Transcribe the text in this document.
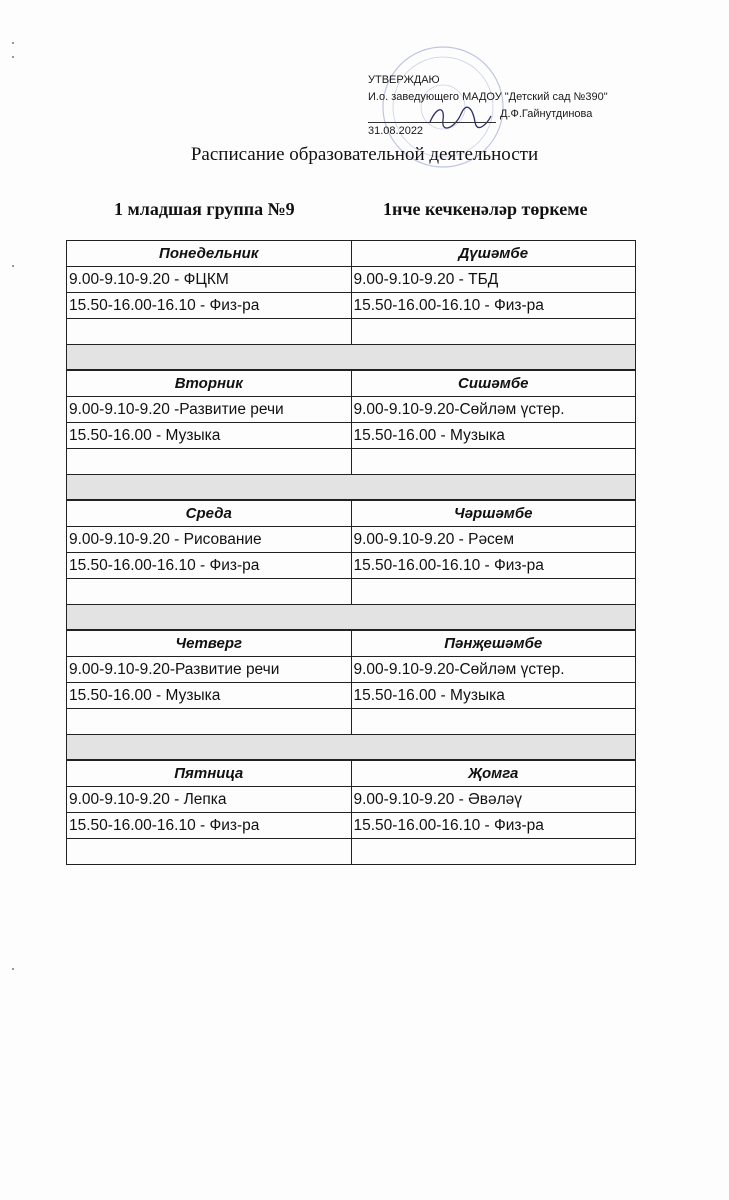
УТВЕРЖДАЮ
И.о. заведующего МАДОУ "Детский сад №390"
Д.Ф.Гайнутдинова
31.08.2022
Расписание образовательной деятельности
1 младшая группа №9	1нче кечкенәләр төркеме
Понедельник	Дүшәмбе
9.00-9.10-9.20 - ФЦКМ	9.00-9.10-9.20 - ТБД
15.50-16.00-16.10 - Физ-ра	15.50-16.00-16.10 - Физ-ра
Вторник	Сишәмбе
9.00-9.10-9.20 -Развитие речи	9.00-9.10-9.20-Сөйләм үстер.
15.50-16.00 - Музыка	15.50-16.00 - Музыка
Среда	Чәршәмбе
9.00-9.10-9.20 - Рисование	9.00-9.10-9.20 - Рәсем
15.50-16.00-16.10 - Физ-ра	15.50-16.00-16.10 - Физ-ра
Четверг	Пәнҗешәмбе
9.00-9.10-9.20-Развитие речи	9.00-9.10-9.20-Сөйләм үстер.
15.50-16.00 - Музыка	15.50-16.00 - Музыка
Пятница	Җомга
9.00-9.10-9.20 - Лепка	9.00-9.10-9.20 - Әвәләү
15.50-16.00-16.10 - Физ-ра	15.50-16.00-16.10 - Физ-ра
